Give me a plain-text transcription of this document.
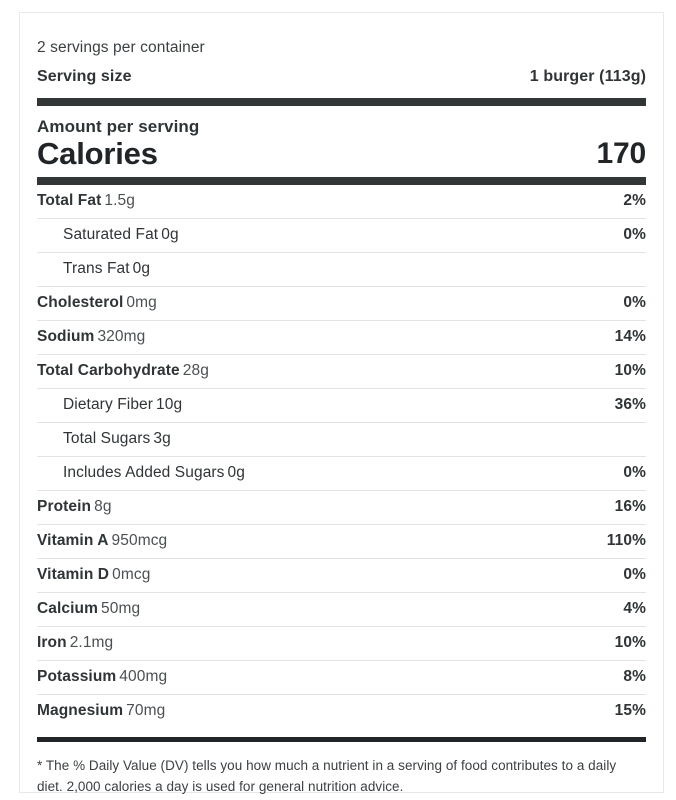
2 servings per container
Serving size	1 burger (113g)
Amount per serving
Calories	170
Total Fat 1.5g	2%
Saturated Fat 0g	0%
Trans Fat 0g
Cholesterol 0mg	0%
Sodium 320mg	14%
Total Carbohydrate 28g	10%
Dietary Fiber 10g	36%
Total Sugars 3g
Includes Added Sugars 0g	0%
Protein 8g	16%
Vitamin A 950mcg	110%
Vitamin D 0mcg	0%
Calcium 50mg	4%
Iron 2.1mg	10%
Potassium 400mg	8%
Magnesium 70mg	15%
* The % Daily Value (DV) tells you how much a nutrient in a serving of food contributes to a daily diet. 2,000 calories a day is used for general nutrition advice.
